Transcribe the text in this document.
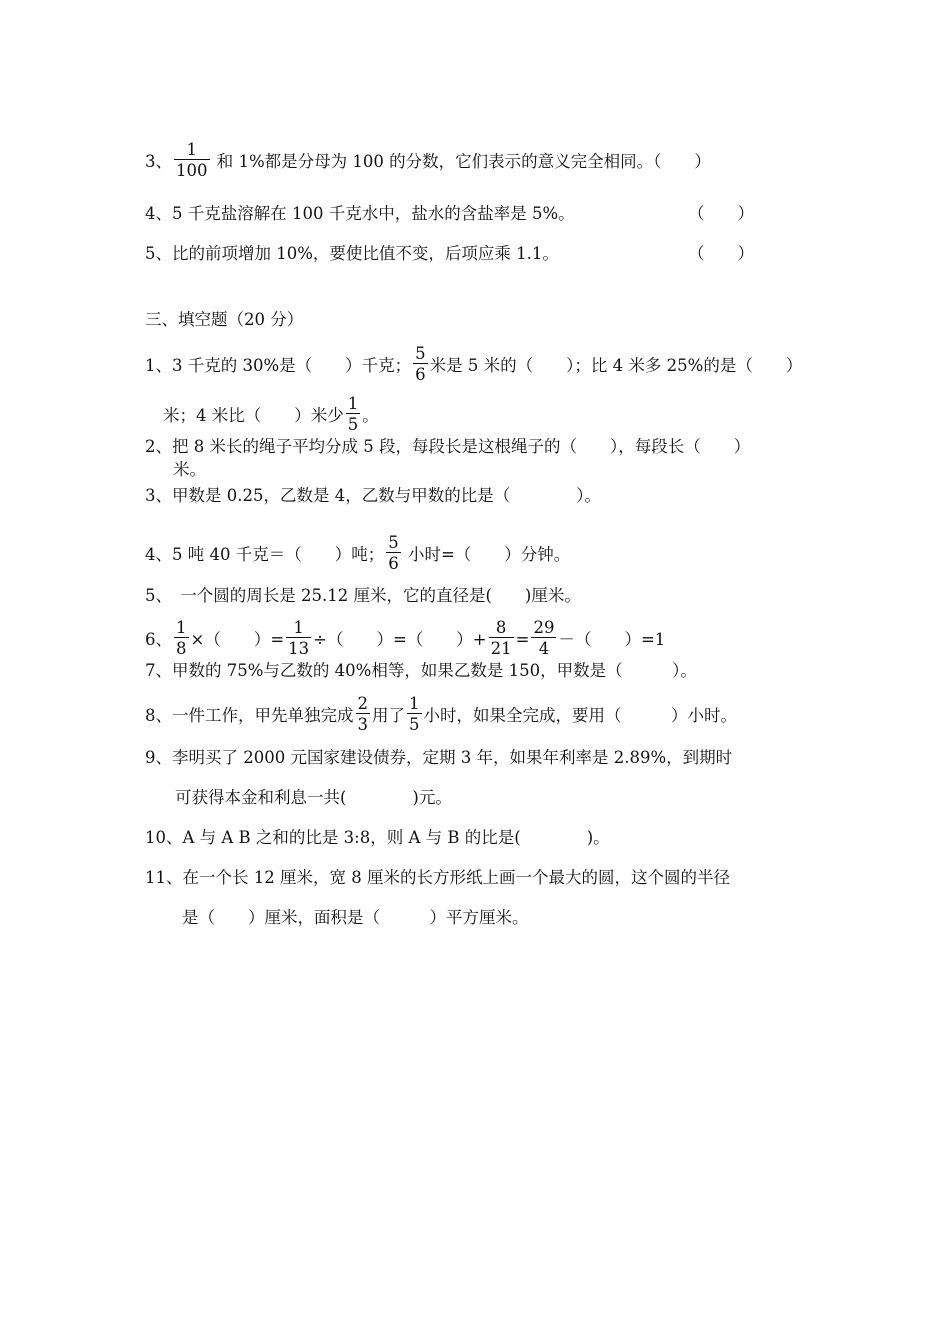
3、 $\frac{1}{100}$ 和 1%都是分母为 100 的分数，它们表示的意义完全相同。（　　）
4、5 千克盐溶解在 100 千克水中，盐水的含盐率是 5%。	（　　）
5、比的前项增加 10%，要使比值不变，后项应乘 1.1。	（　　）
三、填空题（20 分）
1、3 千克的 30%是（　　）千克； $\frac{5}{6}$ 米是 5 米的（　　）；比 4 米多 25%的是（　　）
米；4 米比（　　）米少 $\frac{1}{5}$ 。
2、把 8 米长的绳子平均分成 5 段，每段长是这根绳子的（　　），每段长（　　）
米。
3、甲数是 0.25，乙数是 4，乙数与甲数的比是（　　　　）。
4、5 吨 40 千克＝（　　）吨； $\frac{5}{6}$ 小时=（　　）分钟。
5、　一个圆的周长是 25.12 厘米，它的直径是(　　)厘米。
6、 $\frac{1}{8}$ ×（　　）= $\frac{1}{13}$ ÷（　　）=（　　）+ $\frac{8}{21} = \frac{29}{4}$ －（　　）=1
7、甲数的 75%与乙数的 40%相等，如果乙数是 150，甲数是（　　　）。
8、一件工作，甲先单独完成 $\frac{2}{3}$ 用了 $\frac{1}{5}$ 小时，如果全完成，要用（　　　）小时。
9、李明买了 2000 元国家建设债券，定期 3 年，如果年利率是 2.89%，到期时
可获得本金和利息一共(　　　　)元。
10、A 与 A B 之和的比是 3:8，则 A 与 B 的比是(　　　　)。
11、在一个长 12 厘米，宽 8 厘米的长方形纸上画一个最大的圆，这个圆的半径
是（　　）厘米，面积是（　　　）平方厘米。
